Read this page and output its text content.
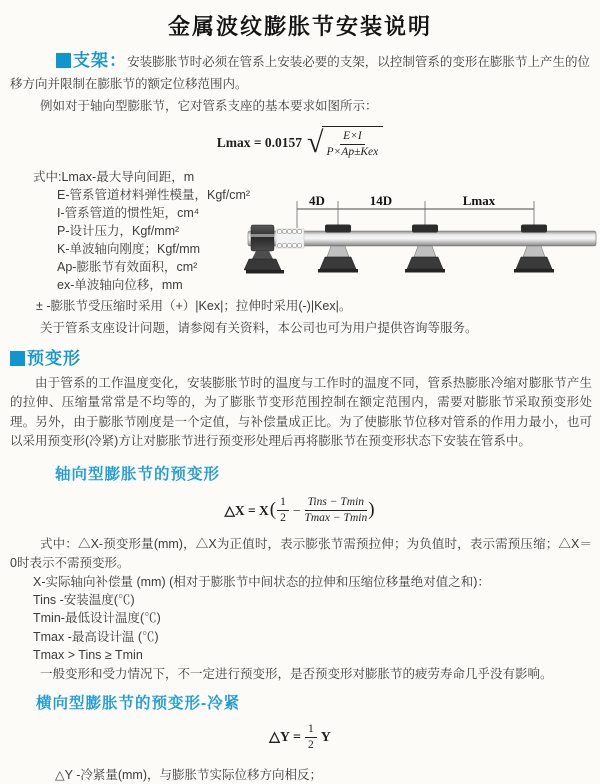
金属波纹膨胀节安装说明

支架：安装膨胀节时必须在管系上安装必要的支架，以控制管系的变形在膨胀节上产生的位移方向并限制在膨胀节的额定位移范围内。

例如对于轴向型膨胀节，它对管系支座的基本要求如图所示：

Lmax = 0.0157 √ $\frac{E\times I}{\text{P×Ap±Kex}}$
式中:Lmax-最大导向间距，m
E-管系管道材料弹性模量，Kgf/cm²
I-管系管道的惯性矩，cm⁴
P-设计压力，Kgf/mm²
K-单波轴向刚度；Kgf/mm
Ap-膨胀节有效面积，cm²
ex-单波轴向位移，mm
4D	14D	Lmax

± -膨胀节受压缩时采用（+）|Kex|；拉伸时采用(-)|Kex|。

关于管系支座设计问题，请参阅有关资料，本公司也可为用户提供咨询等服务。

预变形

由于管系的工作温度变化，安装膨胀节时的温度与工作时的温度不同，管系热膨胀冷缩对膨胀节产生的拉伸、压缩量常常是不均等的，为了膨胀节变形范围控制在额定范围内，需要对膨胀节采取预变形处理。另外，由于膨胀节刚度是一个定值，与补偿量成正比。为了使膨胀节位移对管系的作用力最小，也可以采用预变形(冷紧)方让对膨胀节进行预变形处理后再将膨胀节在预变形状态下安装在管系中。

轴向型膨胀节的预变形
△X = X ( $\frac{1}{2} - \frac{\text{Tins − Tmin}}{Tmax - Tmin}$ )

式中：△X-预变形量(mm)，△X为正值时，表示膨张节需预拉伸；为负值时，表示需预压缩；△X＝0时表示不需预变形。

X-实际轴向补偿量 (mm) (相对于膨胀节中间状态的拉伸和压缩位移量绝对值之和)：
Tins -安装温度(℃)
Tmin-最低设计温度(℃)
Tmax -最高设计温 (℃)
Tmax > Tins ≥ Tmin

一般变形和受力情况下，不一定进行预变形，是否预变形对膨胀节的疲劳寿命几乎没有影响。

横向型膨胀节的预变形-冷紧
△Y = $\frac{1}{2}$ Y

△Y -冷紧量(mm)，与膨胀节实际位移方向相反；
